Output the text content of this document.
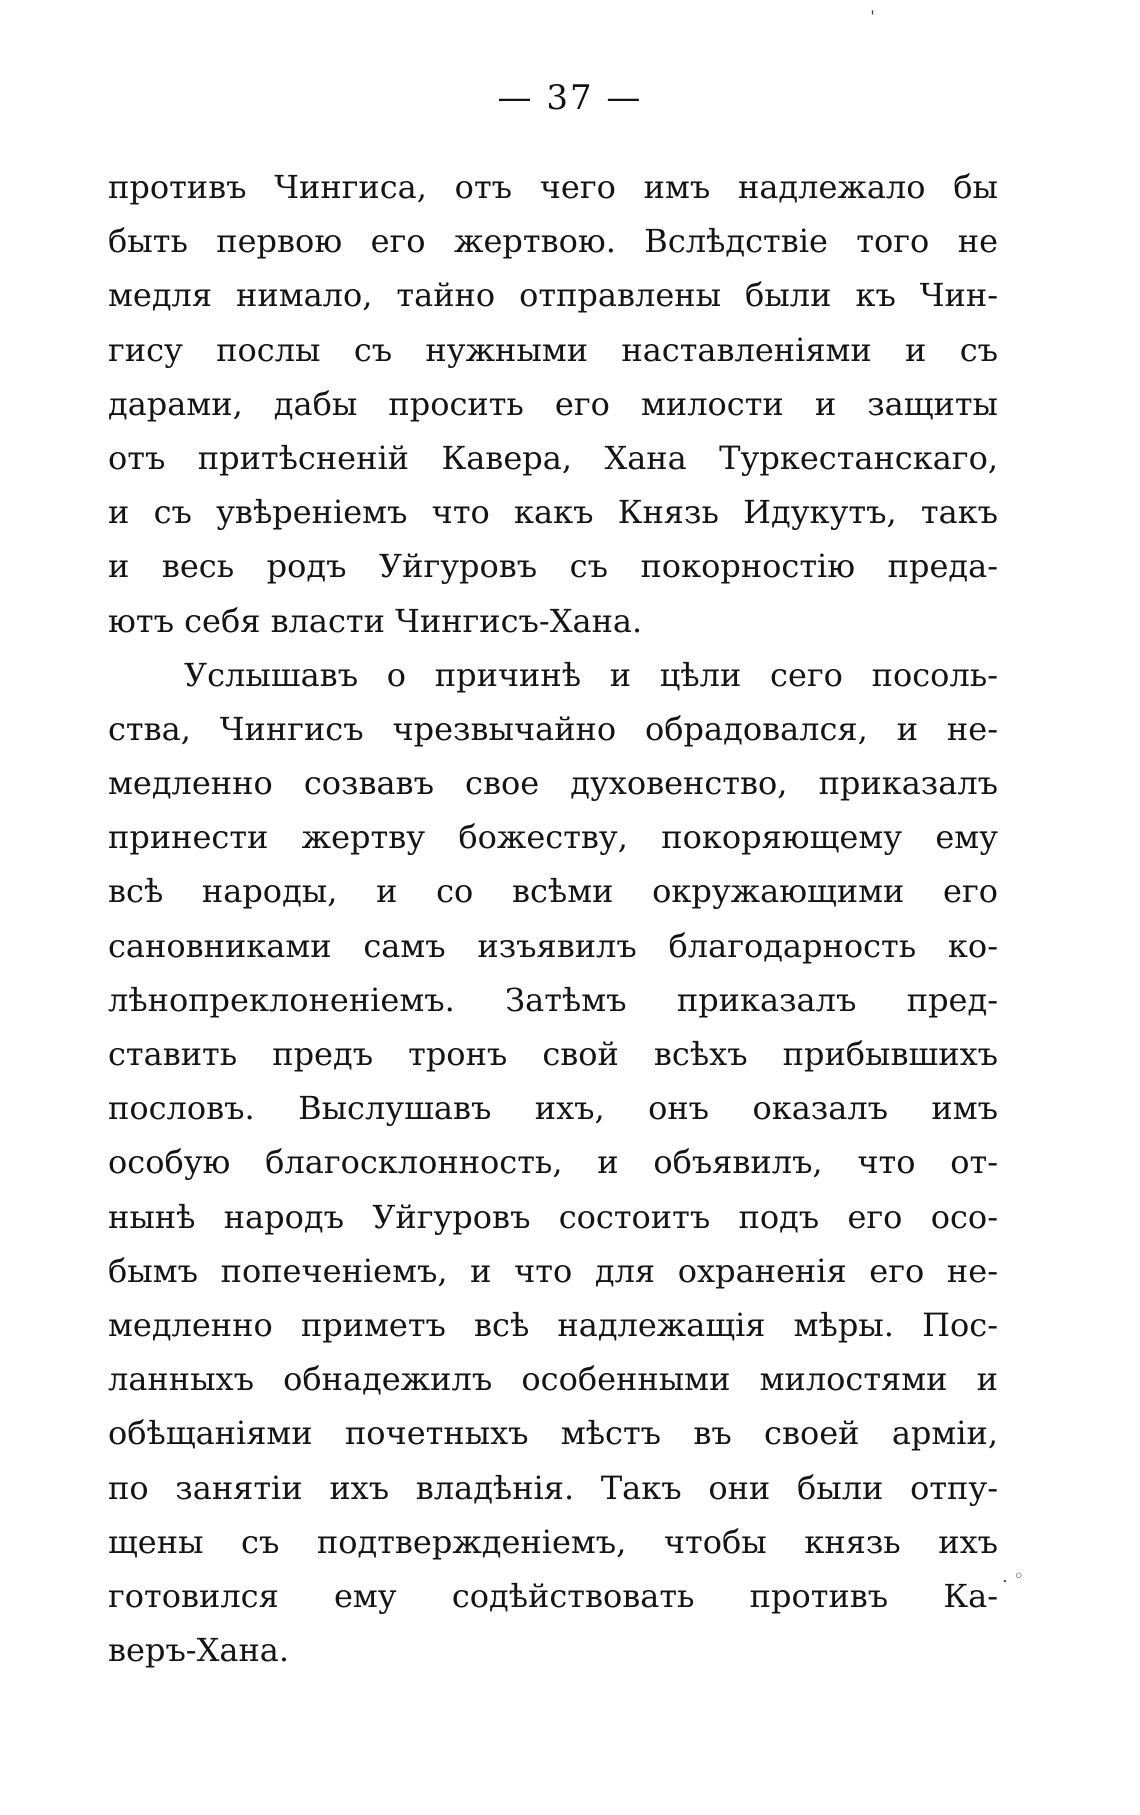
— 37 —
противъ Чингиса, отъ чего имъ надлежало бы
быть первою его жертвою. Вслѣдствіе того не
медля нимало, тайно отправлены были къ Чин-
гису послы съ нужными наставленіями и съ
дарами, дабы просить его милости и защиты
отъ притѣсненій Кавера, Хана Туркестанскаго,
и съ увѣреніемъ что какъ Князь Идукутъ, такъ
и весь родъ Уйгуровъ съ покорностію преда-
ютъ себя власти Чингисъ-Хана.
Услышавъ о причинѣ и цѣли сего посоль-
ства, Чингисъ чрезвычайно обрадовался, и не-
медленно созвавъ свое духовенство, приказалъ
принести жертву божеству, покоряющему ему
всѣ народы, и со всѣми окружающими его
сановниками самъ изъявилъ благодарность ко-
лѣнопреклоненіемъ. Затѣмъ приказалъ пред-
ставить предъ тронъ свой всѣхъ прибывшихъ
пословъ. Выслушавъ ихъ, онъ оказалъ имъ
особую благосклонность, и объявилъ, что от-
нынѣ народъ Уйгуровъ состоитъ подъ его осо-
бымъ попеченіемъ, и что для охраненія его не-
медленно приметъ всѣ надлежащія мѣры. Пос-
ланныхъ обнадежилъ особенными милостями и
обѣщаніями почетныхъ мѣстъ въ своей арміи,
по занятіи ихъ владѣнія. Такъ они были отпу-
щены съ подтвержденіемъ, чтобы князь ихъ
готовился ему содѣйствовать противъ Ка-
веръ-Хана.
ˈ
. ◦
